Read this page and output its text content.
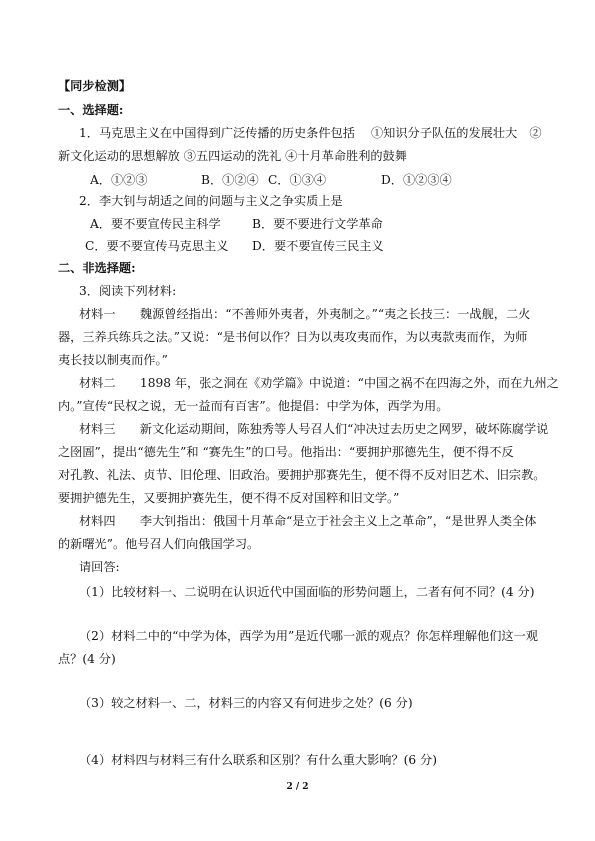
【同步检测】
一、选择题:
1．马克思主义在中国得到广泛传播的历史条件包括　 ①知识分子队伍的发展壮大　②
新文化运动的思想解放 ③五四运动的洗礼 ④十月革命胜利的鼓舞
A．①②③	B．①②④ C．①③④	D．①②③④
2．李大钊与胡适之间的问题与主义之争实质上是
A．要不要宣传民主科学	B．要不要进行文学革命
C．要不要宣传马克思主义 D．要不要宣传三民主义
二、非选择题:
3．阅读下列材料:
材料一　　魏源曾经指出：“不善师外夷者，外夷制之。”“夷之长技三：一战舰，二火
器，三养兵练兵之法。”又说：“是书何以作？日为以夷攻夷而作，为以夷款夷而作，为师
夷长技以制夷而作。”
材料二　　1898 年，张之洞在《劝学篇》中说道：“中国之祸不在四海之外，而在九州之
内。”宣传“民权之说，无一益而有百害”。他提倡：中学为体，西学为用。
材料三　　新文化运动期间，陈独秀等人号召人们“冲决过去历史之网罗，破坏陈腐学说
之囹圄”，提出“德先生”和 “赛先生”的口号。他指出：“要拥护那德先生，便不得不反
对孔教、礼法、贞节、旧伦理、旧政治。要拥护那赛先生，便不得不反对旧艺术、旧宗教。
要拥护德先生，又要拥护赛先生，便不得不反对国粹和旧文学。”
材料四　　李大钊指出：俄国十月革命“是立于社会主义上之革命”，“是世界人类全体
的新曙光”。他号召人们向俄国学习。
请回答:
（1）比较材料一、二说明在认识近代中国面临的形势问题上，二者有何不同？(4 分)
（2）材料二中的“中学为体，西学为用”是近代哪一派的观点？你怎样理解他们这一观
点？(4 分)
（3）较之材料一、二，材料三的内容又有何进步之处？(6 分)
（4）材料四与材料三有什么联系和区别？有什么重大影响？(6 分)
2 / 2
